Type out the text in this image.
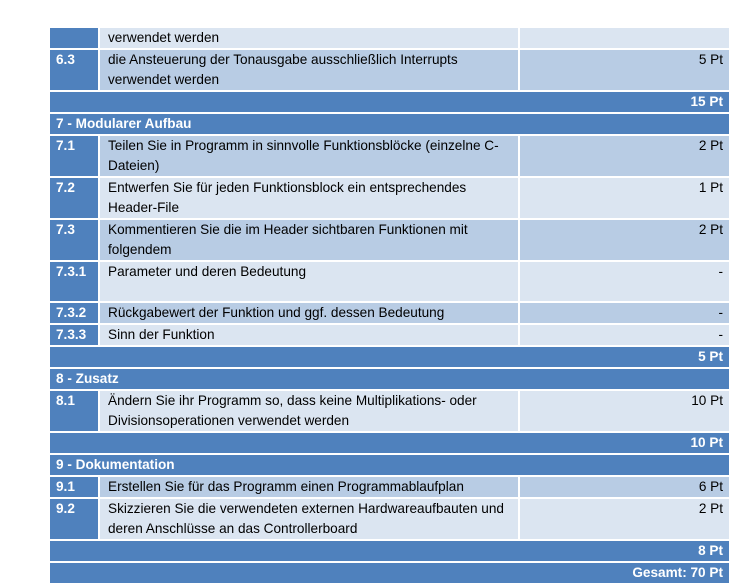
	verwendet werden	
6.3	die Ansteuerung der Tonausgabe ausschließlich Interrupts verwendet werden	5 Pt
15 Pt		
7 - Modularer Aufbau		
7.1	Teilen Sie in Programm in sinnvolle Funktionsblöcke (einzelne C-Dateien)	2 Pt
7.2	Entwerfen Sie für jeden Funktionsblock ein entsprechendes Header-File	1 Pt
7.3	Kommentieren Sie die im Header sichtbaren Funktionen mit folgendem	2 Pt
7.3.1	Parameter und deren Bedeutung	-
7.3.2	Rückgabewert der Funktion und ggf. dessen Bedeutung	-
7.3.3	Sinn der Funktion	-
5 Pt		
8 - Zusatz		
8.1	Ändern Sie ihr Programm so, dass keine Multiplikations- oder Divisionsoperationen verwendet werden	10 Pt
10 Pt		
9 - Dokumentation		
9.1	Erstellen Sie für das Programm einen Programmablaufplan	6 Pt
9.2	Skizzieren Sie die verwendeten externen Hardwareaufbauten und deren Anschlüsse an das Controllerboard	2 Pt
8 Pt		
Gesamt: 70 Pt		
